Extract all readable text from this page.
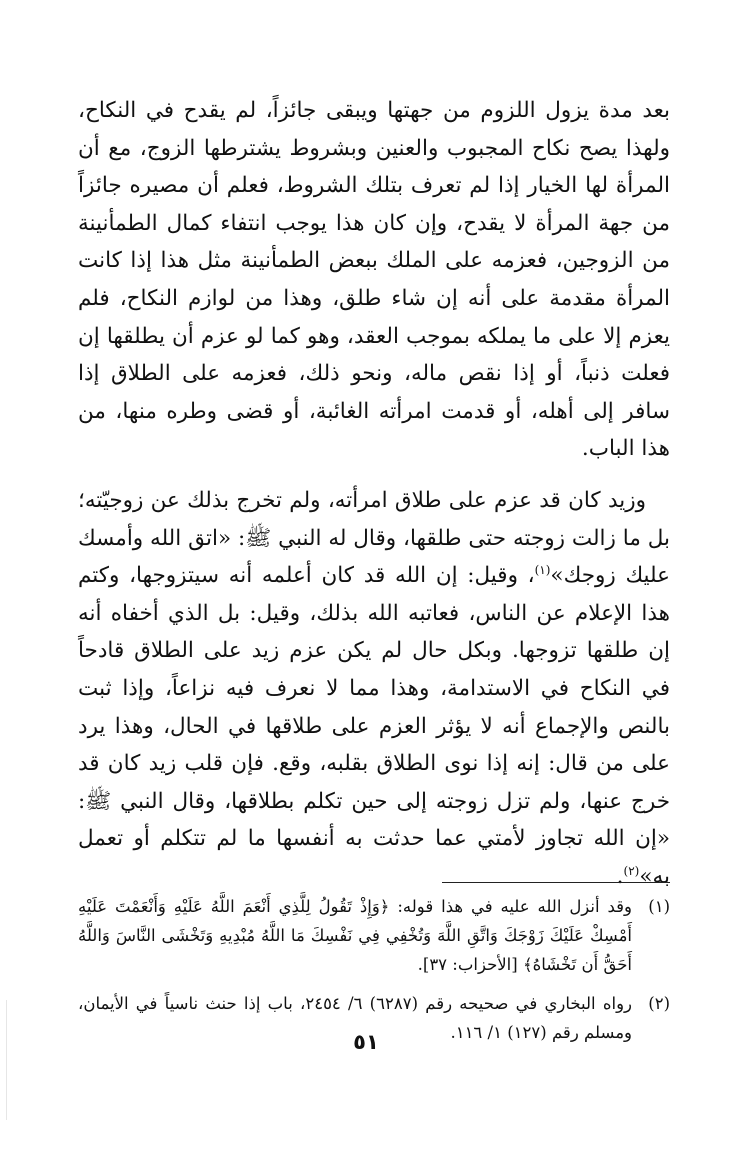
بعد مدة يزول اللزوم من جهتها ويبقى جائزاً، لم يقدح في النكاح، ولهذا يصح نكاح المجبوب والعنين وبشروط يشترطها الزوج، مع أن المرأة لها الخيار إذا لم تعرف بتلك الشروط، فعلم أن مصيره جائزاً من جهة المرأة لا يقدح، وإن كان هذا يوجب انتفاء كمال الطمأنينة من الزوجين، فعزمه على الملك ببعض الطمأنينة مثل هذا إذا كانت المرأة مقدمة على أنه إن شاء طلق، وهذا من لوازم النكاح، فلم يعزم إلا على ما يملكه بموجب العقد، وهو كما لو عزم أن يطلقها إن فعلت ذنباً، أو إذا نقص ماله، ونحو ذلك، فعزمه على الطلاق إذا سافر إلى أهله، أو قدمت امرأته الغائبة، أو قضى وطره منها، من هذا الباب.

وزيد كان قد عزم على طلاق امرأته، ولم تخرج بذلك عن زوجيّته؛ بل ما زالت زوجته حتى طلقها، وقال له النبي ﷺ: «اتق الله وأمسك عليك زوجك»$^{(١)}$، وقيل: إن الله قد كان أعلمه أنه سيتزوجها، وكتم هذا الإعلام عن الناس، فعاتبه الله بذلك، وقيل: بل الذي أخفاه أنه إن طلقها تزوجها. وبكل حال لم يكن عزم زيد على الطلاق قادحاً في النكاح في الاستدامة، وهذا مما لا نعرف فيه نزاعاً، وإذا ثبت بالنص والإجماع أنه لا يؤثر العزم على طلاقها في الحال، وهذا يرد على من قال: إنه إذا نوى الطلاق بقلبه، وقع. فإن قلب زيد كان قد خرج عنها، ولم تزل زوجته إلى حين تكلم بطلاقها، وقال النبي ﷺ: «إن الله تجاوز لأمتي عما حدثت به أنفسها ما لم تتكلم أو تعمل به»$^{(٢)}$.

(١)
وقد أنزل الله عليه في هذا قوله: ﴿وَإِذْ تَقُولُ لِلَّذِي أَنْعَمَ اللَّهُ عَلَيْهِ وَأَنْعَمْتَ عَلَيْهِ أَمْسِكْ عَلَيْكَ زَوْجَكَ وَاتَّقِ اللَّهَ وَتُخْفِي فِي نَفْسِكَ مَا اللَّهُ مُبْدِيهِ وَتَخْشَى النَّاسَ وَاللَّهُ أَحَقُّ أَن تَخْشَاهُ﴾ [الأحزاب: ٣٧].
(٢)
رواه البخاري في صحيحه رقم (٦٢٨٧) ٦/ ٢٤٥٤، باب إذا حنث ناسياً في الأيمان، ومسلم رقم (١٢٧) ١/ ١١٦.
٥١
